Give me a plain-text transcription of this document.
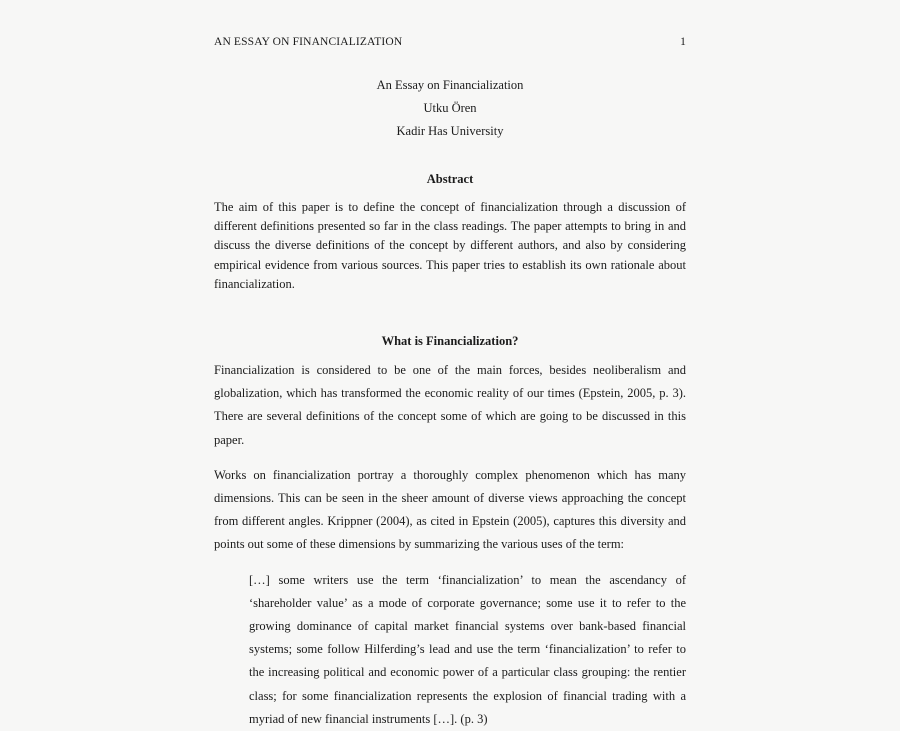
AN ESSAY ON FINANCIALIZATION	1
An Essay on Financialization
Utku Ören
Kadir Has University
Abstract

The aim of this paper is to define the concept of financialization through a discussion of different definitions presented so far in the class readings. The paper attempts to bring in and discuss the diverse definitions of the concept by different authors, and also by considering empirical evidence from various sources. This paper tries to establish its own rationale about financialization.

What is Financialization?

Financialization is considered to be one of the main forces, besides neoliberalism and globalization, which has transformed the economic reality of our times (Epstein, 2005, p. 3). There are several definitions of the concept some of which are going to be discussed in this paper.

Works on financialization portray a thoroughly complex phenomenon which has many dimensions. This can be seen in the sheer amount of diverse views approaching the concept from different angles. Krippner (2004), as cited in Epstein (2005), captures this diversity and points out some of these dimensions by summarizing the various uses of the term:

[…] some writers use the term ‘financialization’ to mean the ascendancy of ‘shareholder value’ as a mode of corporate governance; some use it to refer to the growing dominance of capital market financial systems over bank-based financial systems; some follow Hilferding’s lead and use the term ‘financialization’ to refer to the increasing political and economic power of a particular class grouping: the rentier class; for some financialization represents the explosion of financial trading with a myriad of new financial instruments […]. (p. 3)
